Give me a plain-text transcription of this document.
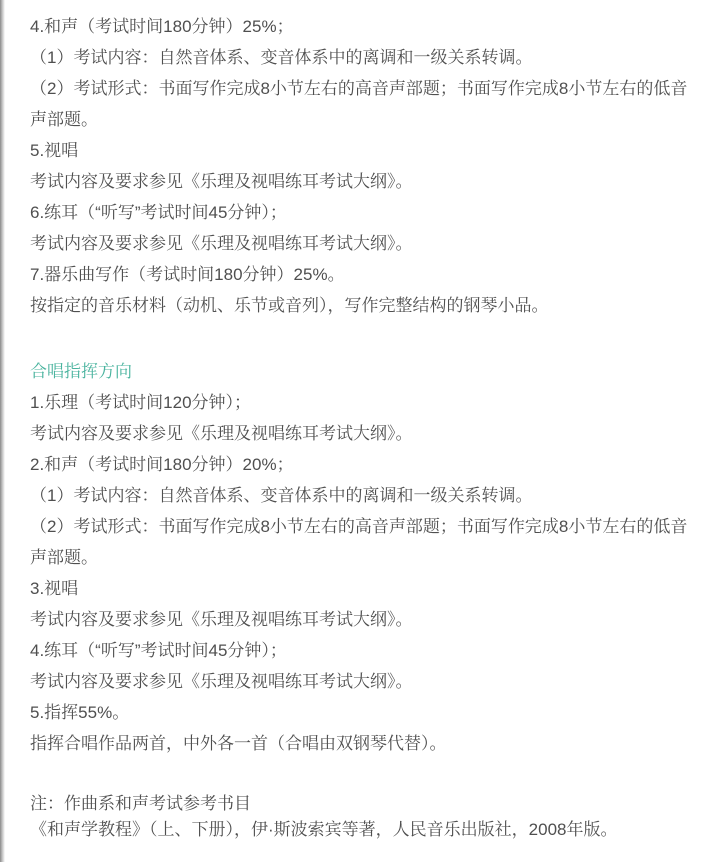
4.和声（考试时间180分钟）25%；

（1）考试内容：自然音体系、变音体系中的离调和一级关系转调。

（2）考试形式：书面写作完成8小节左右的高音声部题；书面写作完成8小节左右的低音声部题。

5.视唱

考试内容及要求参见《乐理及视唱练耳考试大纲》。

6.练耳（“听写”考试时间45分钟）；

考试内容及要求参见《乐理及视唱练耳考试大纲》。

7.器乐曲写作（考试时间180分钟）25%。

按指定的音乐材料（动机、乐节或音列），写作完整结构的钢琴小品。

合唱指挥方向

1.乐理（考试时间120分钟）；

考试内容及要求参见《乐理及视唱练耳考试大纲》。

2.和声（考试时间180分钟）20%；

（1）考试内容：自然音体系、变音体系中的离调和一级关系转调。

（2）考试形式：书面写作完成8小节左右的高音声部题；书面写作完成8小节左右的低音声部题。

3.视唱

考试内容及要求参见《乐理及视唱练耳考试大纲》。

4.练耳（“听写”考试时间45分钟）；

考试内容及要求参见《乐理及视唱练耳考试大纲》。

5.指挥55%。

指挥合唱作品两首，中外各一首（合唱由双钢琴代替）。

注：作曲系和声考试参考书目

《和声学教程》（上、下册），伊·斯波索宾等著，人民音乐出版社，2008年版。
